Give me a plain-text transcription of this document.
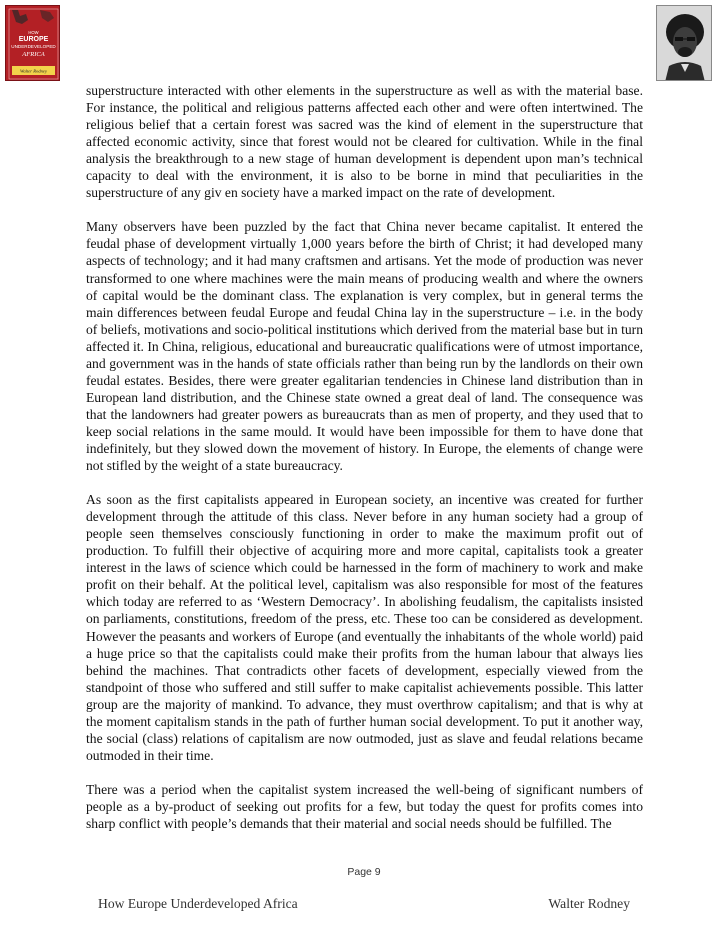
HOW
EUROPE
UNDERDEVELOPED
AFRICA
Walter Rodney

superstructure interacted with other elements in the superstructure as well as with the material base. For instance, the political and religious patterns affected each other and were often intertwined. The religious belief that a certain forest was sacred was the kind of element in the superstructure that affected economic activity, since that forest would not be cleared for cultivation. While in the final analysis the breakthrough to a new stage of human development is dependent upon man’s technical capacity to deal with the environment, it is also to be borne in mind that peculiarities in the superstructure of any giv en society have a marked impact on the rate of development.

Many observers have been puzzled by the fact that China never became capitalist. It entered the feudal phase of development virtually 1,000 years before the birth of Christ; it had developed many aspects of technology; and it had many craftsmen and artisans. Yet the mode of production was never transformed to one where machines were the main means of producing wealth and where the owners of capital would be the dominant class. The explanation is very complex, but in general terms the main differences between feudal Europe and feudal China lay in the superstructure – i.e. in the body of beliefs, motivations and socio-political institutions which derived from the material base but in turn affected it. In China, religious, educational and bureaucratic qualifications were of utmost importance, and government was in the hands of state officials rather than being run by the landlords on their own feudal estates. Besides, there were greater egalitarian tendencies in Chinese land distribution than in European land distribution, and the Chinese state owned a great deal of land. The consequence was that the landowners had greater powers as bureaucrats than as men of property, and they used that to keep social relations in the same mould. It would have been impossible for them to have done that indefinitely, but they slowed down the movement of history. In Europe, the elements of change were not stifled by the weight of a state bureaucracy.

As soon as the first capitalists appeared in European society, an incentive was created for further development through the attitude of this class. Never before in any human society had a group of people seen themselves consciously functioning in order to make the maximum profit out of production. To fulfill their objective of acquiring more and more capital, capitalists took a greater interest in the laws of science which could be harnessed in the form of machinery to work and make profit on their behalf. At the political level, capitalism was also responsible for most of the features which today are referred to as ‘Western Democracy’. In abolishing feudalism, the capitalists insisted on parliaments, constitutions, freedom of the press, etc. These too can be considered as development. However the peasants and workers of Europe (and eventually the inhabitants of the whole world) paid a huge price so that the capitalists could make their profits from the human labour that always lies behind the machines. That contradicts other facets of development, especially viewed from the standpoint of those who suffered and still suffer to make capitalist achievements possible. This latter group are the majority of mankind. To advance, they must overthrow capitalism; and that is why at the moment capitalism stands in the path of further human social development. To put it another way, the social (class) relations of capitalism are now outmoded, just as slave and feudal relations became outmoded in their time.

There was a period when the capitalist system increased the well-being of significant numbers of people as a by-product of seeking out profits for a few, but today the quest for profits comes into sharp conflict with people’s demands that their material and social needs should be fulfilled. The

Page 9
How Europe Underdeveloped Africa	Walter Rodney
